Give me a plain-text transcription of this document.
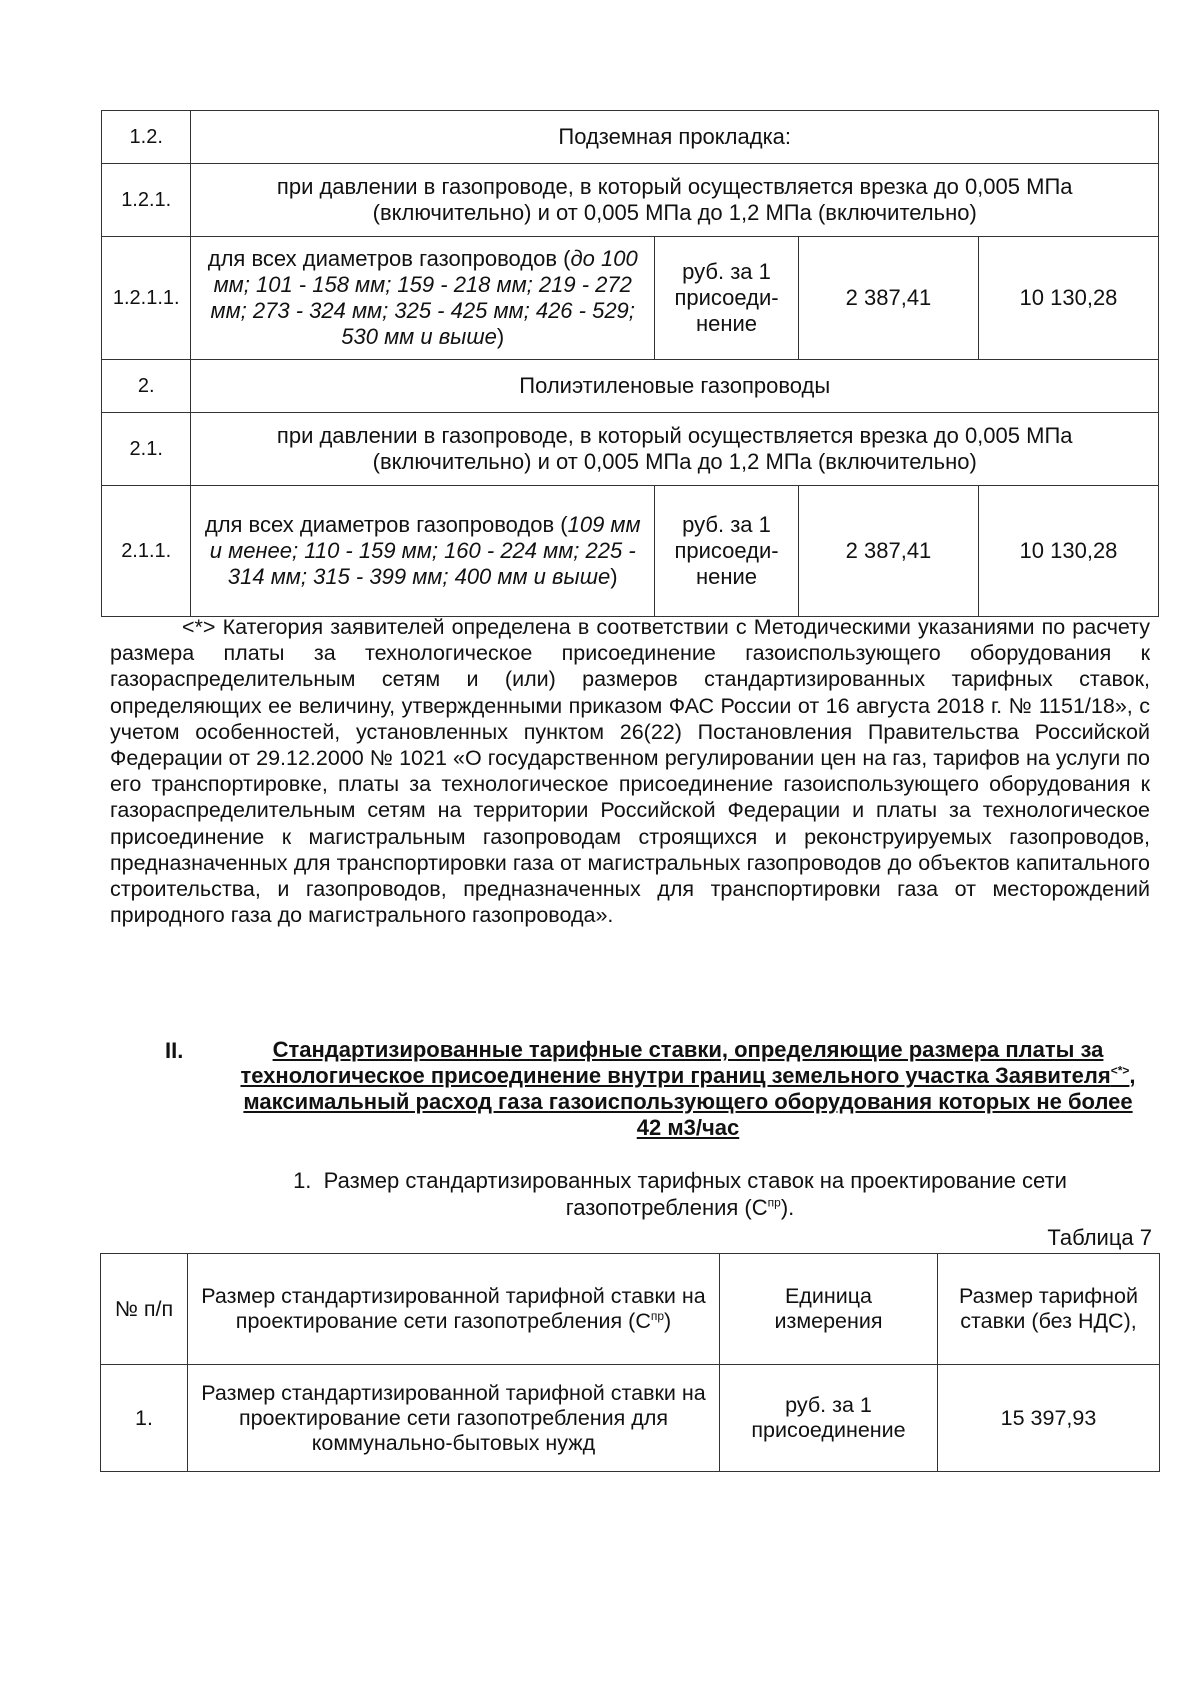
1.2.	Подземная прокладка:			
1.2.1.	при давлении в газопроводе, в который осуществляется врезка до 0,005 МПа (включительно) и от 0,005 МПа до 1,2 МПа (включительно)			
1.2.1.1.	для всех диаметров газопроводов (до 100 мм; 101 - 158 мм; 159 - 218 мм; 219 - 272 мм; 273 - 324 мм; 325 - 425 мм; 426 - 529; 530 мм и выше)	руб. за 1 присоеди-нение	2 387,41	10 130,28
2.	Полиэтиленовые газопроводы			
2.1.	при давлении в газопроводе, в который осуществляется врезка до 0,005 МПа (включительно) и от 0,005 МПа до 1,2 МПа (включительно)			
2.1.1.	для всех диаметров газопроводов (109 мм и менее; 110 - 159 мм; 160 - 224 мм; 225 - 314 мм; 315 - 399 мм; 400 мм и выше)	руб. за 1 присоеди-нение	2 387,41	10 130,28

<*> Категория заявителей определена в соответствии с Методическими указаниями по расчету размера платы за технологическое присоединение газоиспользующего оборудования к газораспределительным сетям и (или) размеров стандартизированных тарифных ставок, определяющих ее величину, утвержденными приказом ФАС России от 16 августа 2018 г. № 1151/18», с учетом особенностей, установленных пунктом 26(22) Постановления Правительства Российской Федерации от 29.12.2000 № 1021 «О государственном регулировании цен на газ, тарифов на услуги по его транспортировке, платы за технологическое присоединение газоиспользующего оборудования к газораспределительным сетям на территории Российской Федерации и платы за технологическое присоединение к магистральным газопроводам строящихся и реконструируемых газопроводов, предназначенных для транспортировки газа от магистральных газопроводов до объектов капитального строительства, и газопроводов, предназначенных для транспортировки газа от месторождений природного газа до магистрального газопровода».

II.	Стандартизированные тарифные ставки, определяющие размера платы за технологическое присоединение внутри границ земельного участка Заявителя<*>, максимальный расход газа газоиспользующего оборудования которых не более 42 м3/час

1. Размер стандартизированных тарифных ставок на проектирование сети газопотребления $(С^{пр})$.

Таблица 7
№ п/п	Размер стандартизированной тарифной ставки на проектирование сети газопотребления $(С^{пр})$	Единица измерения	Размер тарифной ставки (без НДС),
1.	Размер стандартизированной тарифной ставки на проектирование сети газопотребления для коммунально-бытовых нужд	руб. за 1 присоединение	15 397,93
